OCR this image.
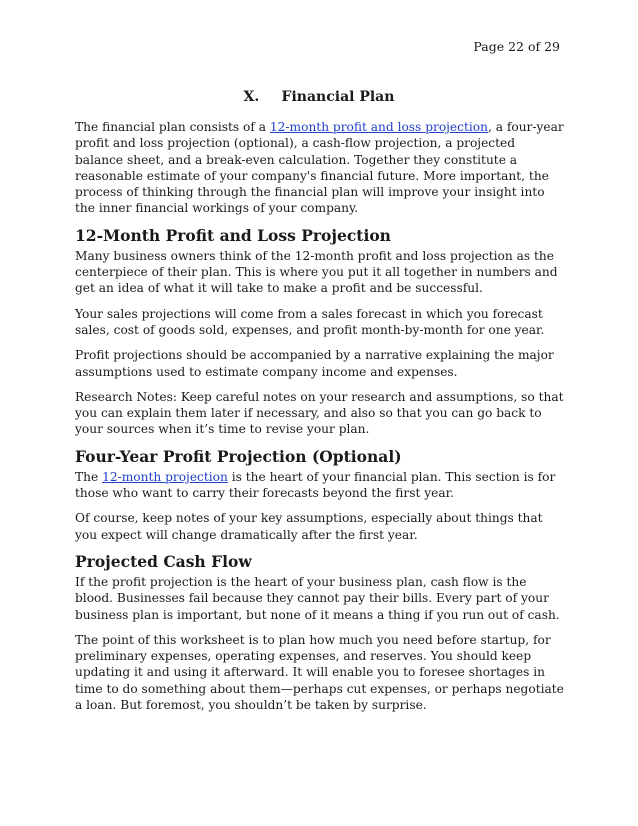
Page 22 of 29
X. Financial Plan

The financial plan consists of a 12-month profit and loss projection, a four-year profit and loss projection (optional), a cash-flow projection, a projected balance sheet, and a break-even calculation. Together they constitute a reasonable estimate of your company's financial future. More important, the process of thinking through the financial plan will improve your insight into the inner financial workings of your company.

12-Month Profit and Loss Projection

Many business owners think of the 12-month profit and loss projection as the centerpiece of their plan. This is where you put it all together in numbers and get an idea of what it will take to make a profit and be successful.

Your sales projections will come from a sales forecast in which you forecast sales, cost of goods sold, expenses, and profit month-by-month for one year.

Profit projections should be accompanied by a narrative explaining the major assumptions used to estimate company income and expenses.

Research Notes: Keep careful notes on your research and assumptions, so that you can explain them later if necessary, and also so that you can go back to your sources when it’s time to revise your plan.

Four-Year Profit Projection (Optional)

The 12-month projection is the heart of your financial plan. This section is for those who want to carry their forecasts beyond the first year.

Of course, keep notes of your key assumptions, especially about things that you expect will change dramatically after the first year.

Projected Cash Flow

If the profit projection is the heart of your business plan, cash flow is the blood. Businesses fail because they cannot pay their bills. Every part of your business plan is important, but none of it means a thing if you run out of cash.

The point of this worksheet is to plan how much you need before startup, for preliminary expenses, operating expenses, and reserves. You should keep updating it and using it afterward. It will enable you to foresee shortages in time to do something about them—perhaps cut expenses, or perhaps negotiate a loan. But foremost, you shouldn’t be taken by surprise.
